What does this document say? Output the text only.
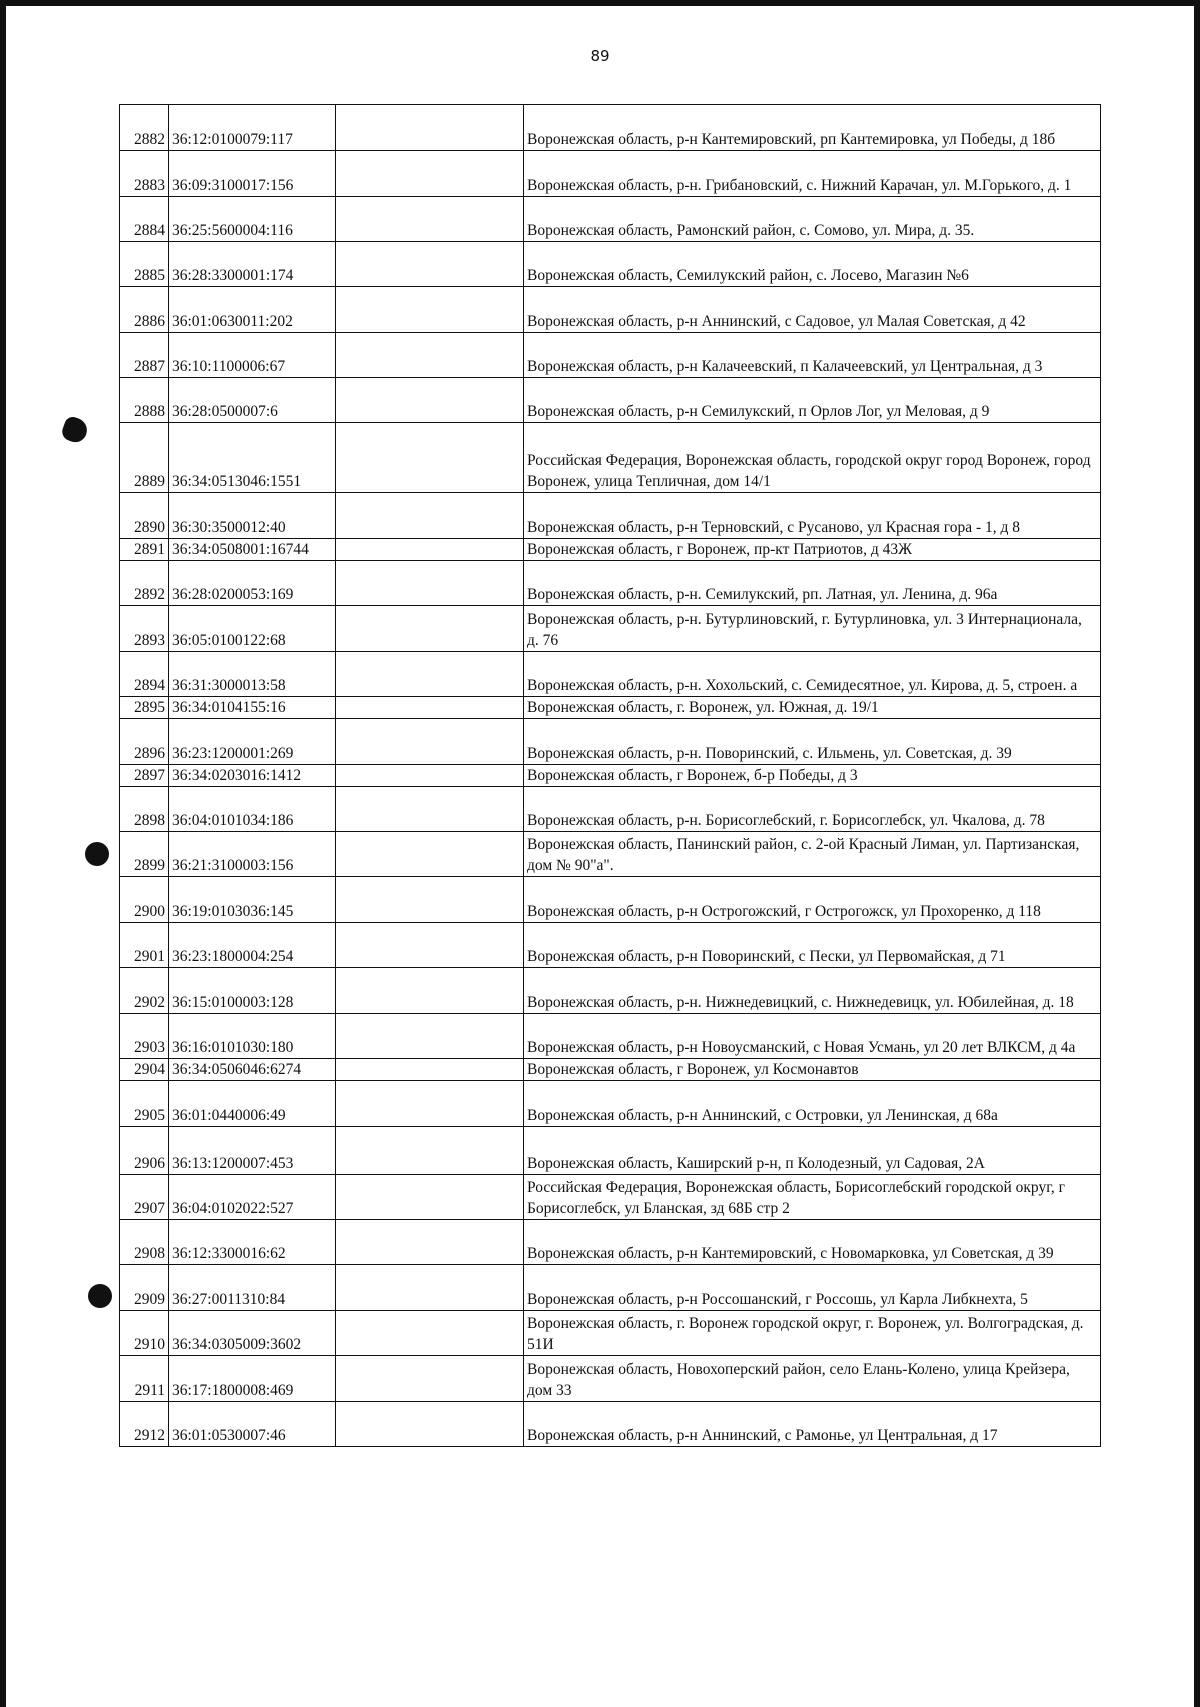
89
2882	36:12:0100079:117		Воронежская область, р-н Кантемировский, рп Кантемировка, ул Победы, д 18б
2883	36:09:3100017:156		Воронежская область, р-н. Грибановский, с. Нижний Карачан, ул. М.Горького, д. 1
2884	36:25:5600004:116		Воронежская область, Рамонский район, с. Сомово, ул. Мира, д. 35.
2885	36:28:3300001:174		Воронежская область, Семилукский район, с. Лосево, Магазин №6
2886	36:01:0630011:202		Воронежская область, р-н Аннинский, с Садовое, ул Малая Советская, д 42
2887	36:10:1100006:67		Воронежская область, р-н Калачеевский, п Калачеевский, ул Центральная, д 3
2888	36:28:0500007:6		Воронежская область, р-н Семилукский, п Орлов Лог, ул Меловая, д 9
2889	36:34:0513046:1551		Российская Федерация, Воронежская область, городской округ город Воронеж, город Воронеж, улица Тепличная, дом 14/1
2890	36:30:3500012:40		Воронежская область, р-н Терновский, с Русаново, ул Красная гора - 1, д 8
2891	36:34:0508001:16744		Воронежская область, г Воронеж, пр-кт Патриотов, д 43Ж
2892	36:28:0200053:169		Воронежская область, р-н. Семилукский, рп. Латная, ул. Ленина, д. 96а
2893	36:05:0100122:68		Воронежская область, р-н. Бутурлиновский, г. Бутурлиновка, ул. 3 Интернационала, д. 76
2894	36:31:3000013:58		Воронежская область, р-н. Хохольский, с. Семидесятное, ул. Кирова, д. 5, строен. а
2895	36:34:0104155:16		Воронежская область, г. Воронеж, ул. Южная, д. 19/1
2896	36:23:1200001:269		Воронежская область, р-н. Поворинский, с. Ильмень, ул. Советская, д. 39
2897	36:34:0203016:1412		Воронежская область, г Воронеж, б-р Победы, д 3
2898	36:04:0101034:186		Воронежская область, р-н. Борисоглебский, г. Борисоглебск, ул. Чкалова, д. 78
2899	36:21:3100003:156		Воронежская область, Панинский район, с. 2-ой Красный Лиман, ул. Партизанская, дом № 90"а".
2900	36:19:0103036:145		Воронежская область, р-н Острогожский, г Острогожск, ул Прохоренко, д 118
2901	36:23:1800004:254		Воронежская область, р-н Поворинский, с Пески, ул Первомайская, д 71
2902	36:15:0100003:128		Воронежская область, р-н. Нижнедевицкий, с. Нижнедевицк, ул. Юбилейная, д. 18
2903	36:16:0101030:180		Воронежская область, р-н Новоусманский, с Новая Усмань, ул 20 лет ВЛКСМ, д 4а
2904	36:34:0506046:6274		Воронежская область, г Воронеж, ул Космонавтов
2905	36:01:0440006:49		Воронежская область, р-н Аннинский, с Островки, ул Ленинская, д 68а
2906	36:13:1200007:453		Воронежская область, Каширский р-н, п Колодезный, ул Садовая, 2А
2907	36:04:0102022:527		Российская Федерация, Воронежская область, Борисоглебский городской округ, г Борисоглебск, ул Бланская, зд 68Б стр 2
2908	36:12:3300016:62		Воронежская область, р-н Кантемировский, с Новомарковка, ул Советская, д 39
2909	36:27:0011310:84		Воронежская область, р-н Россошанский, г Россошь, ул Карла Либкнехта, 5
2910	36:34:0305009:3602		Воронежская область, г. Воронеж городской округ, г. Воронеж, ул. Волгоградская, д. 51И
2911	36:17:1800008:469		Воронежская область, Новохоперский район, село Елань-Колено, улица Крейзера, дом 33
2912	36:01:0530007:46		Воронежская область, р-н Аннинский, с Рамонье, ул Центральная, д 17
